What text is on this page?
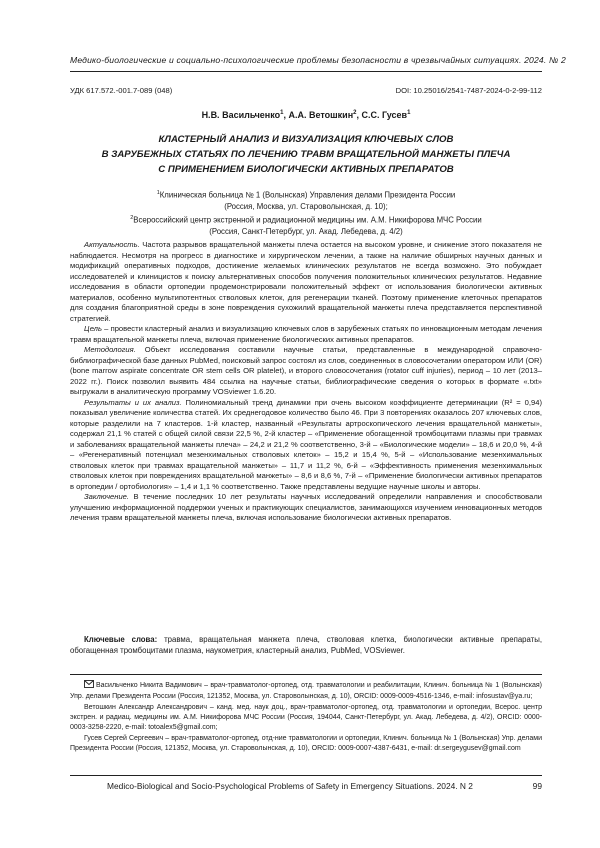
Медико-биологические и социально-психологические проблемы безопасности в чрезвычайных ситуациях. 2024. № 2
УДК 617.572.-001.7-089 (048)	DOI: 10.25016/2541-7487-2024-0-2-99-112
Н.В. Васильченко$^1$, А.А. Ветошкин$^2$, С.С. Гусев$^1$
КЛАСТЕРНЫЙ АНАЛИЗ И ВИЗУАЛИЗАЦИЯ КЛЮЧЕВЫХ СЛОВ
В ЗАРУБЕЖНЫХ СТАТЬЯХ ПО ЛЕЧЕНИЮ ТРАВМ ВРАЩАТЕЛЬНОЙ МАНЖЕТЫ ПЛЕЧА
С ПРИМЕНЕНИЕМ БИОЛОГИЧЕСКИ АКТИВНЫХ ПРЕПАРАТОВ
$^1$Клиническая больница № 1 (Волынская) Управления делами Президента России
(Россия, Москва, ул. Староволынская, д. 10);
$^2$Всероссийский центр экстренной и радиационной медицины им. А.М. Никифорова МЧС России
(Россия, Санкт-Петербург, ул. Акад. Лебедева, д. 4/2)

Актуальность. Частота разрывов вращательной манжеты плеча остается на высоком уровне, и снижение этого показателя не наблюдается. Несмотря на прогресс в диагностике и хирургическом лечении, а также на наличие обширных научных данных и модификаций оперативных подходов, достижение желаемых клинических результатов не всегда возможно. Это побуждает исследователей и клиницистов к поиску альтернативных способов получения положительных клинических результатов. Недавние исследования в области ортопедии продемонстрировали положительный эффект от использования биологически активных материалов, особенно мультипотентных стволовых клеток, для регенерации тканей. Поэтому применение клеточных препаратов для создания благоприятной среды в зоне повреждения сухожилий вращательной манжеты плеча представляется перспективной стратегией.

Цель – провести кластерный анализ и визуализацию ключевых слов в зарубежных статьях по инновационным методам лечения травм вращательной манжеты плеча, включая применение биологических активных препаратов.

Методология. Объект исследования составили научные статьи, представленные в международной справочно-библиографической базе данных PubMed, поисковый запрос состоял из слов, соединенных в словосочетании оператором ИЛИ (OR) (bone marrow aspirate concentrate OR stem cells OR platelet), и второго словосочетания (rotator cuff injuries), период – 10 лет (2013–2022 гг.). Поиск позволил выявить 484 ссылка на научные статьи, библиографические сведения о которых в формате «.txt» выгружали в аналитическую программу VOSviewer 1.6.20.

Результаты и их анализ. Полиномиальный тренд динамики при очень высоком коэффициенте детерминации (R² = 0,94) показывал увеличение количества статей. Их среднегодовое количество было 46. При 3 повторениях оказалось 207 ключевых слов, которые разделили на 7 кластеров. 1-й кластер, названный «Результаты артроскопического лечения вращательной манжеты», содержал 21,1 % статей с общей силой связи 22,5 %, 2-й кластер – «Применение обогащенной тромбоцитами плазмы при травмах и заболеваниях вращательной манжеты плеча» – 24,2 и 21,2 % соответственно, 3-й – «Биологические модели» – 18,6 и 20,0 %, 4-й – «Регенеративный потенциал мезенхимальных стволовых клеток» – 15,2 и 15,4 %, 5-й – «Использование мезенхимальных стволовых клеток при травмах вращательной манжеты» – 11,7 и 11,2 %, 6-й – «Эффективность применения мезенхимальных стволовых клеток при повреждениях вращательной манжеты» – 8,6 и 8,6 %, 7-й – «Применение биологически активных препаратов в ортопедии / ортобиология» – 1,4 и 1,1 % соответственно. Также представлены ведущие научные школы и авторы.

Заключение. В течение последних 10 лет результаты научных исследований определили направления и способствовали улучшению информационной поддержки ученых и практикующих специалистов, занимающихся изучением инновационных методов лечения травм вращательной манжеты плеча, включая использование биологически активных препаратов.

Ключевые слова: травма, вращательная манжета плеча, стволовая клетка, биологически активные препараты, обогащенная тромбоцитами плазма, наукометрия, кластерный анализ, PubMed, VOSviewer.

Васильченко Никита Вадимович – врач-травматолог-ортопед, отд. травматологии и реабилитации, Клинич. больница № 1 (Волынская) Упр. делами Президента России (Россия, 121352, Москва, ул. Староволынская, д. 10), ORCID: 0009-0009-4516-1346, e-mail: infosustav@ya.ru;

Ветошкин Александр Александрович – канд. мед. наук доц., врач-травматолог-ортопед, отд. травматологии и ортопедии, Всерос. центр экстрен. и радиац. медицины им. А.М. Никифорова МЧС России (Россия, 194044, Санкт-Петербург, ул. Акад. Лебедева, д. 4/2), ORCID: 0000-0003-3258-2220, e-mail: totoalex5@gmail.com;

Гусев Сергей Сергеевич – врач-травматолог-ортопед, отд-ние травматологии и ортопедии, Клинич. больница № 1 (Волынская) Упр. делами Президента России (Россия, 121352, Москва, ул. Староволынская, д. 10), ORCID: 0009-0007-4387-6431, e-mail: dr.sergeygusev@gmail.com

Medico-Biological and Socio-Psychological Problems of Safety in Emergency Situations. 2024. N 2	99
